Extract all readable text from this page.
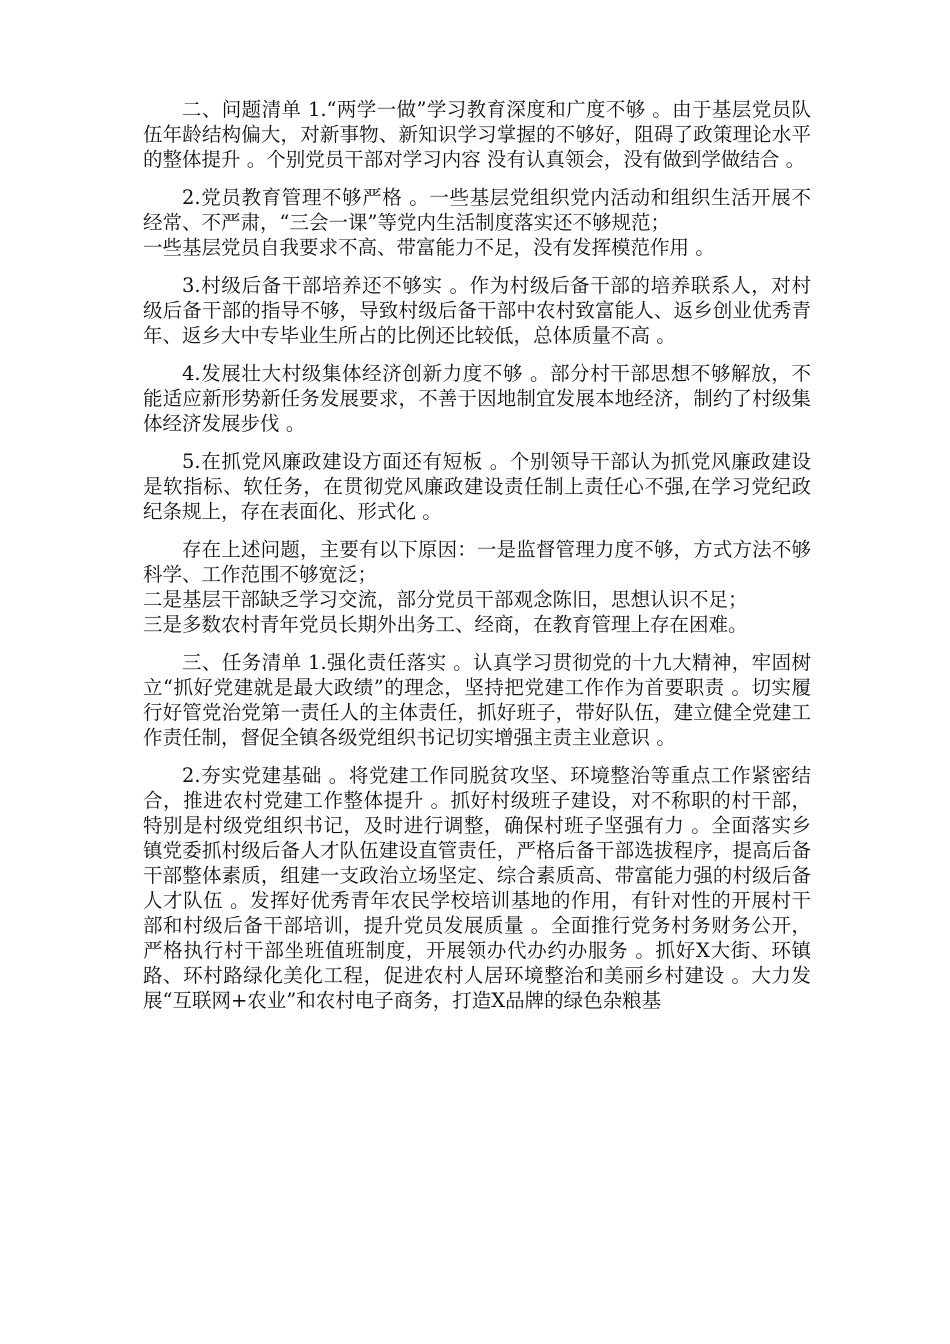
二、问题清单 1.“两学一做”学习教育深度和广度不够 。由于基层党员队伍年龄结构偏大，对新事物、新知识学习掌握的不够好，阻碍了政策理论水平的整体提升 。个别党员干部对学习内容 没有认真领会，没有做到学做结合 。

2.党员教育管理不够严格 。一些基层党组织党内活动和组织生活开展不经常、不严肃，“三会一课”等党内生活制度落实还不够规范；

一些基层党员自我要求不高、带富能力不足，没有发挥模范作用 。

3.村级后备干部培养还不够实 。作为村级后备干部的培养联系人，对村级后备干部的指导不够，导致村级后备干部中农村致富能人、返乡创业优秀青年、返乡大中专毕业生所占的比例还比较低，总体质量不高 。

4.发展壮大村级集体经济创新力度不够 。部分村干部思想不够解放，不能适应新形势新任务发展要求，不善于因地制宜发展本地经济，制约了村级集体经济发展步伐 。

5.在抓党风廉政建设方面还有短板 。个别领导干部认为抓党风廉政建设是软指标、软任务，在贯彻党风廉政建设责任制上责任心不强,在学习党纪政纪条规上，存在表面化、形式化 。

存在上述问题，主要有以下原因：一是监督管理力度不够，方式方法不够科学、工作范围不够宽泛；

二是基层干部缺乏学习交流，部分党员干部观念陈旧，思想认识不足；

三是多数农村青年党员长期外出务工、经商，在教育管理上存在困难。

三、任务清单 1.强化责任落实 。认真学习贯彻党的十九大精神，牢固树立“抓好党建就是最大政绩”的理念，坚持把党建工作作为首要职责 。切实履行好管党治党第一责任人的主体责任，抓好班子，带好队伍，建立健全党建工作责任制，督促全镇各级党组织书记切实增强主责主业意识 。

2.夯实党建基础 。将党建工作同脱贫攻坚、环境整治等重点工作紧密结合，推进农村党建工作整体提升 。抓好村级班子建设，对不称职的村干部，特别是村级党组织书记，及时进行调整，确保村班子坚强有力 。全面落实乡镇党委抓村级后备人才队伍建设直管责任，严格后备干部选拔程序，提高后备干部整体素质，组建一支政治立场坚定、综合素质高、带富能力强的村级后备人才队伍 。发挥好优秀青年农民学校培训基地的作用，有针对性的开展村干部和村级后备干部培训，提升党员发展质量 。全面推行党务村务财务公开，严格执行村干部坐班值班制度，开展领办代办约办服务 。抓好X大街、环镇路、环村路绿化美化工程，促进农村人居环境整治和美丽乡村建设 。大力发展“互联网+农业”和农村电子商务，打造X品牌的绿色杂粮基
